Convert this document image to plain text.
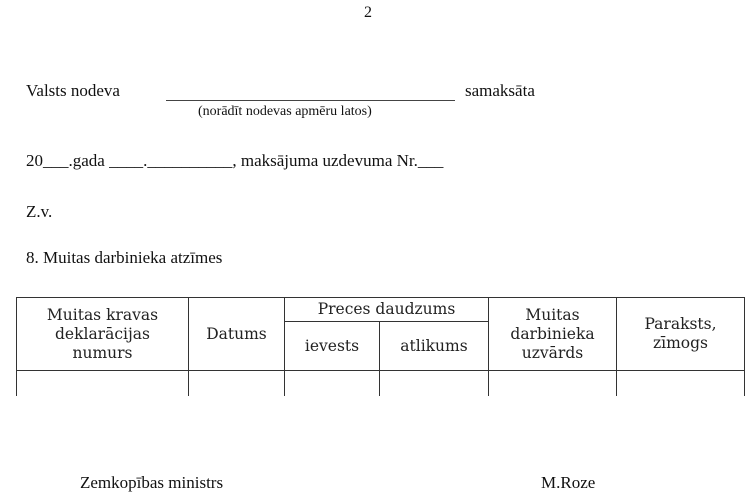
2
Valsts nodeva
(norādīt nodevas apmēru latos)
samaksāta
20___.gada ____.__________, maksājuma uzdevuma Nr.___
Z.v.
8. Muitas darbinieka atzīmes
Muitas kravas deklarācijas numurs	Datums	Preces daudzums		Muitas darbinieka uzvārds	Paraksts, zīmogs
		ievests	atlikums		

Zemkopības ministrs	M.Roze
